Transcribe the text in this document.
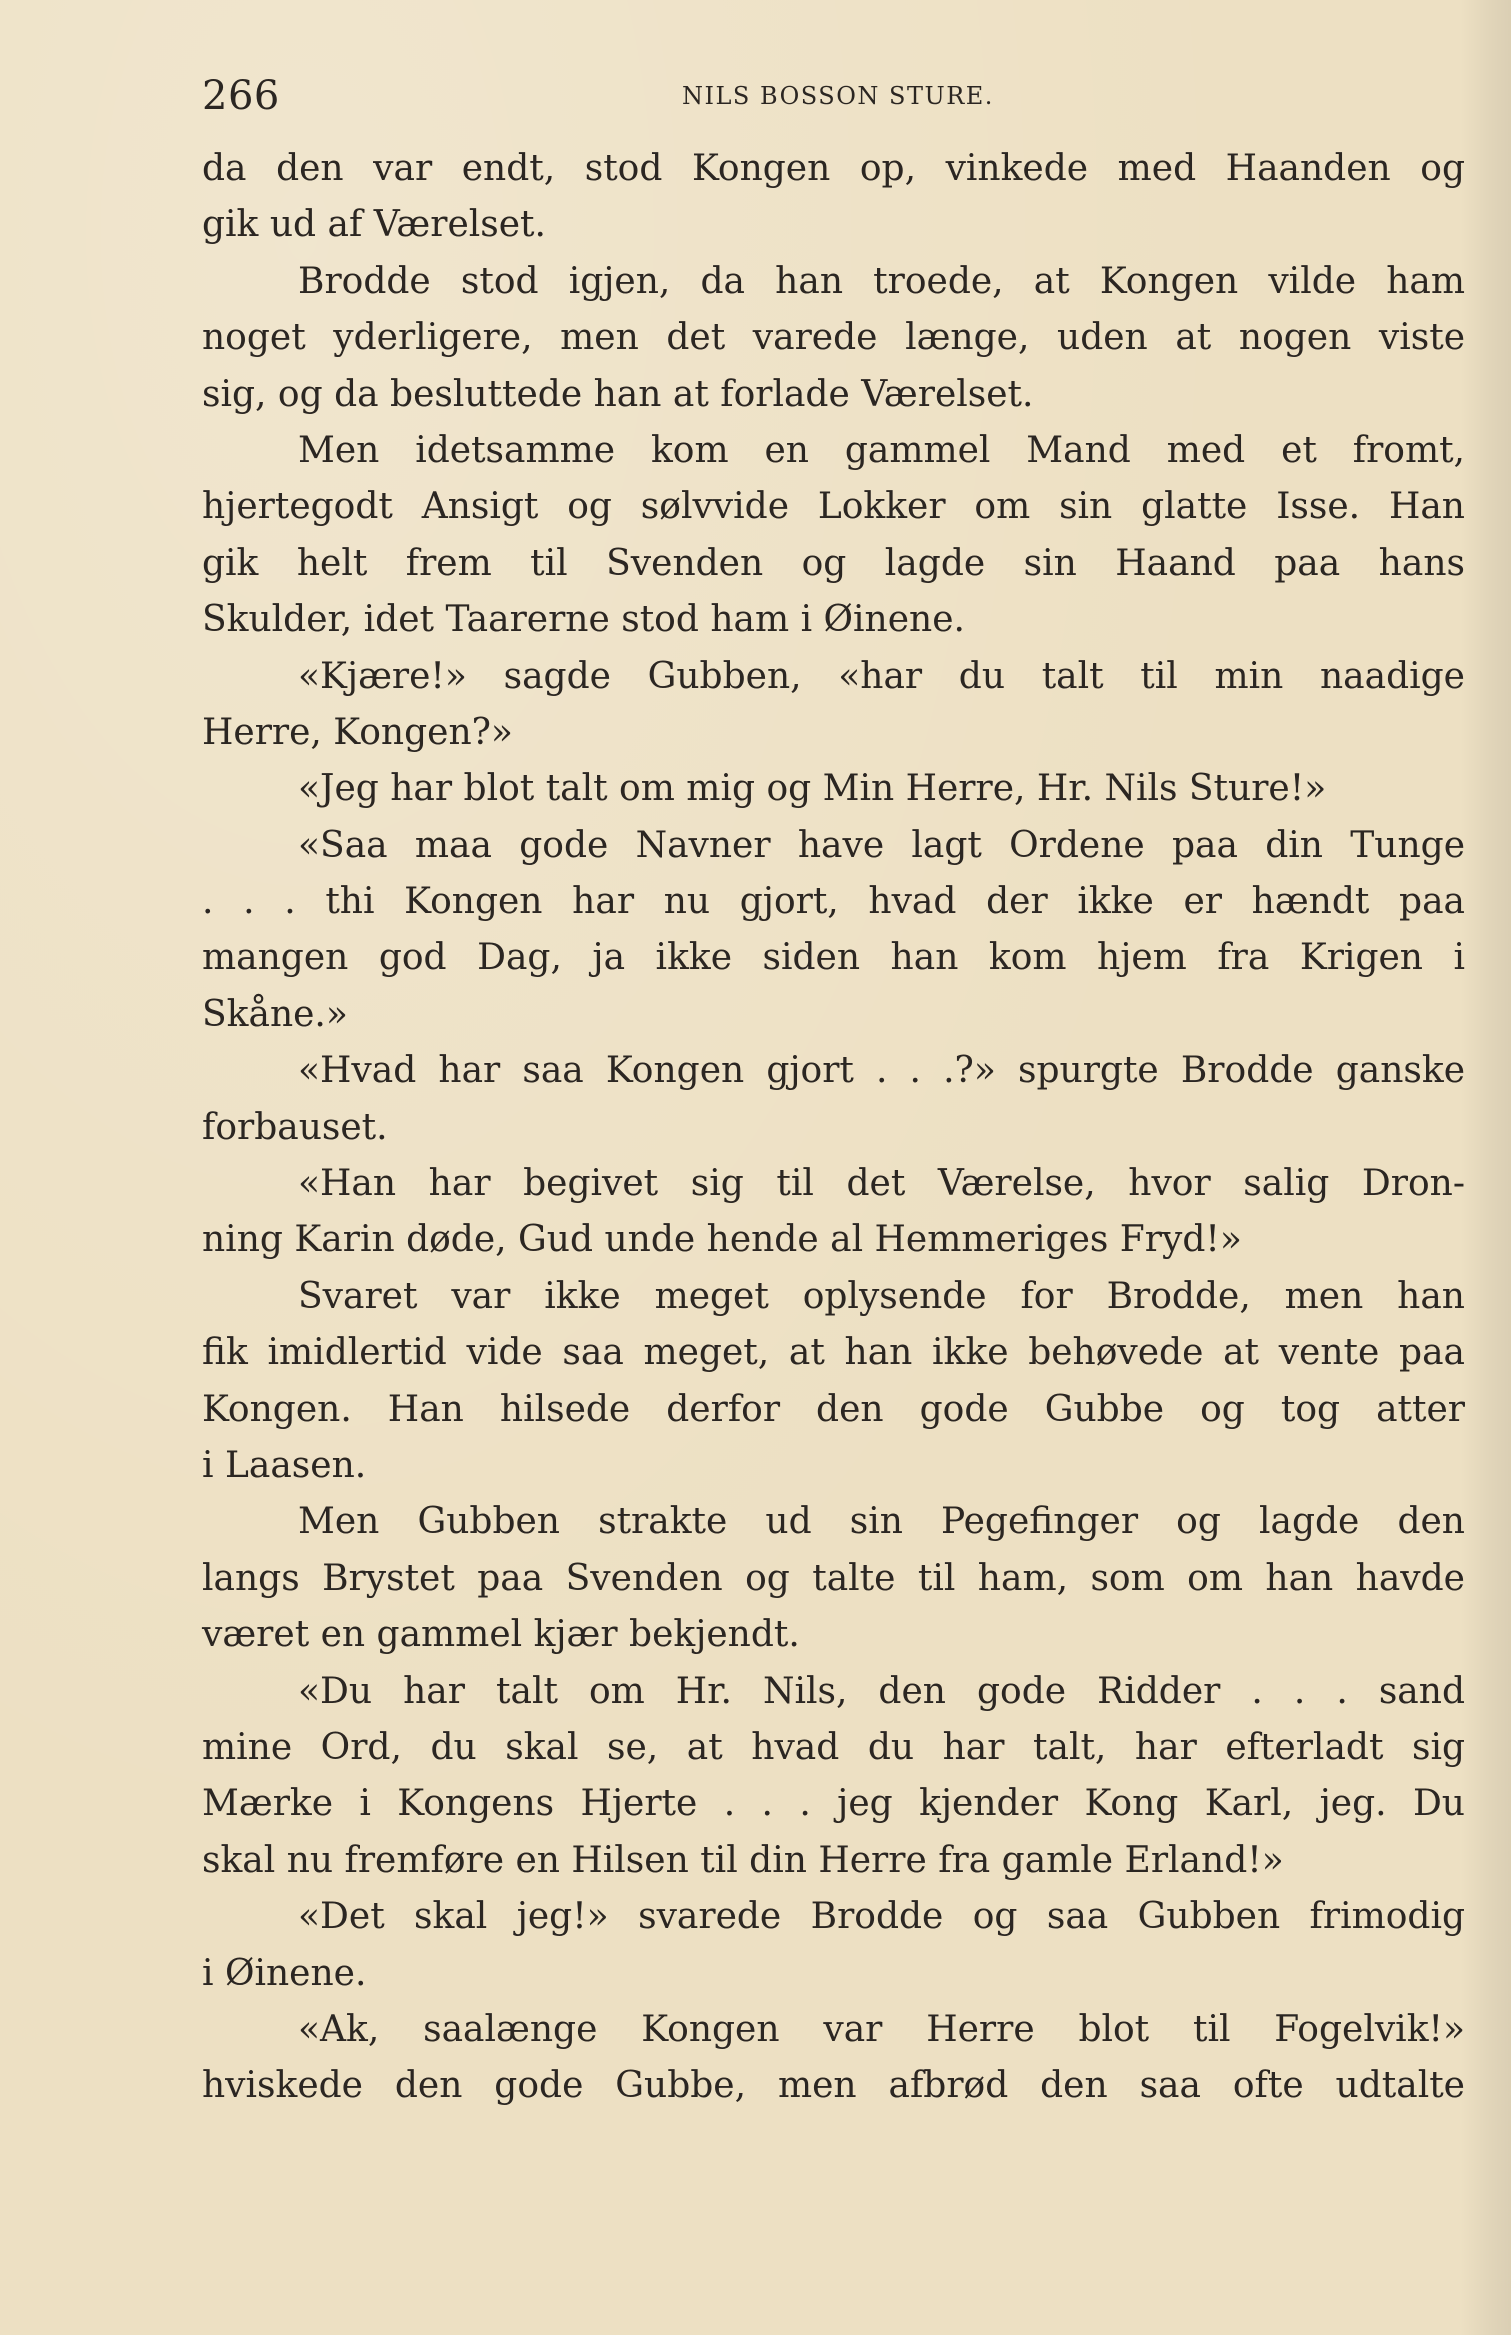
266	NILS BOSSON STURE.
da den var endt, stod Kongen op, vinkede med Haanden og
gik ud af Værelset.
Brodde stod igjen, da han troede, at Kongen vilde ham
noget yderligere, men det varede længe, uden at nogen viste
sig, og da besluttede han at forlade Værelset.
Men idetsamme kom en gammel Mand med et fromt,
hjertegodt Ansigt og sølvvide Lokker om sin glatte Isse. Han
gik helt frem til Svenden og lagde sin Haand paa hans
Skulder, idet Taarerne stod ham i Øinene.
«Kjære!» sagde Gubben, «har du talt til min naadige
Herre, Kongen?»
«Jeg har blot talt om mig og Min Herre, Hr. Nils Sture!»
«Saa maa gode Navner have lagt Ordene paa din Tunge
. . . thi Kongen har nu gjort, hvad der ikke er hændt paa
mangen god Dag, ja ikke siden han kom hjem fra Krigen i
Skåne.»
«Hvad har saa Kongen gjort . . .?» spurgte Brodde ganske
forbauset.
«Han har begivet sig til det Værelse, hvor salig Dron-
ning Karin døde, Gud unde hende al Hemmeriges Fryd!»
Svaret var ikke meget oplysende for Brodde, men han
fik imidlertid vide saa meget, at han ikke behøvede at vente paa
Kongen. Han hilsede derfor den gode Gubbe og tog atter
i Laasen.
Men Gubben strakte ud sin Pegefinger og lagde den
langs Brystet paa Svenden og talte til ham, som om han havde
været en gammel kjær bekjendt.
«Du har talt om Hr. Nils, den gode Ridder . . . sand
mine Ord, du skal se, at hvad du har talt, har efterladt sig
Mærke i Kongens Hjerte . . . jeg kjender Kong Karl, jeg. Du
skal nu fremføre en Hilsen til din Herre fra gamle Erland!»
«Det skal jeg!» svarede Brodde og saa Gubben frimodig
i Øinene.
«Ak, saalænge Kongen var Herre blot til Fogelvik!»
hviskede den gode Gubbe, men afbrød den saa ofte udtalte
